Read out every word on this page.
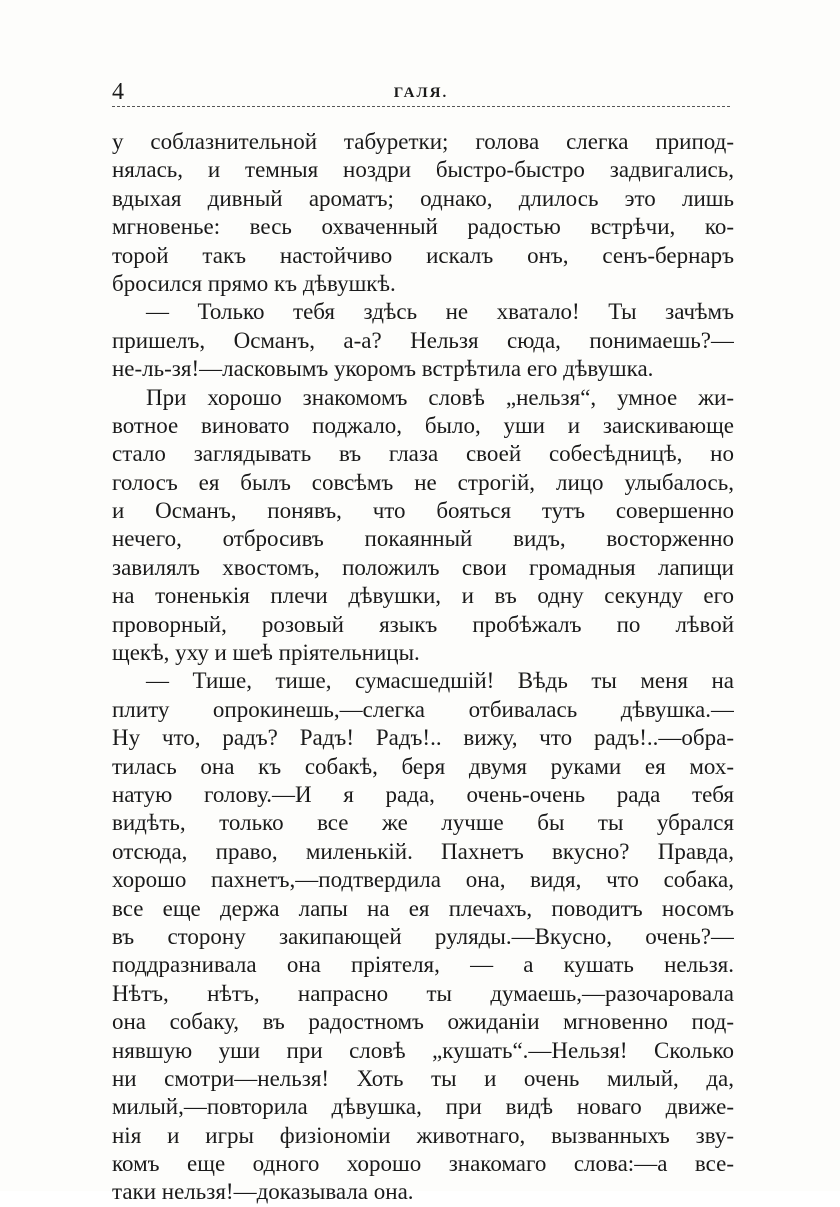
4	ГАЛЯ.
у соблазнительной табуретки; голова слегка припод-
нялась, и темныя ноздри быстро-быстро задвигались,
вдыхая дивный ароматъ; однако, длилось это лишь
мгновенье: весь охваченный радостью встрѣчи, ко-
торой такъ настойчиво искалъ онъ, сенъ-бернаръ
бросился прямо къ дѣвушкѣ.
— Только тебя здѣсь не хватало! Ты зачѣмъ
пришелъ, Османъ, а-а? Нельзя сюда, понимаешь?—
не-ль-зя!—ласковымъ укоромъ встрѣтила его дѣвушка.
При хорошо знакомомъ словѣ „нельзя“, умное жи-
вотное виновато поджало, было, уши и заискивающе
стало заглядывать въ глаза своей собесѣдницѣ, но
голосъ ея былъ совсѣмъ не строгій, лицо улыбалось,
и Османъ, понявъ, что бояться тутъ совершенно
нечего, отбросивъ покаянный видъ, восторженно
завилялъ хвостомъ, положилъ свои громадныя лапищи
на тоненькія плечи дѣвушки, и въ одну секунду его
проворный, розовый языкъ пробѣжалъ по лѣвой
щекѣ, уху и шеѣ пріятельницы.
— Тише, тише, сумасшедшій! Вѣдь ты меня на
плиту опрокинешь,—слегка отбивалась дѣвушка.—
Ну что, радъ? Радъ! Радъ!.. вижу, что радъ!..—обра-
тилась она къ собакѣ, беря двумя руками ея мох-
натую голову.—И я рада, очень-очень рада тебя
видѣть, только все же лучше бы ты убрался
отсюда, право, миленькій. Пахнетъ вкусно? Правда,
хорошо пахнетъ,—подтвердила она, видя, что собака,
все еще держа лапы на ея плечахъ, поводитъ носомъ
въ сторону закипающей руляды.—Вкусно, очень?—
поддразнивала она пріятеля, — а кушать нельзя.
Нѣтъ, нѣтъ, напрасно ты думаешь,—разочаровала
она собаку, въ радостномъ ожиданіи мгновенно под-
нявшую уши при словѣ „кушать“.—Нельзя! Сколько
ни смотри—нельзя! Хоть ты и очень милый, да,
милый,—повторила дѣвушка, при видѣ новаго движе-
нія и игры физіономіи животнаго, вызванныхъ зву-
комъ еще одного хорошо знакомаго слова:—а все-
таки нельзя!—доказывала она.
